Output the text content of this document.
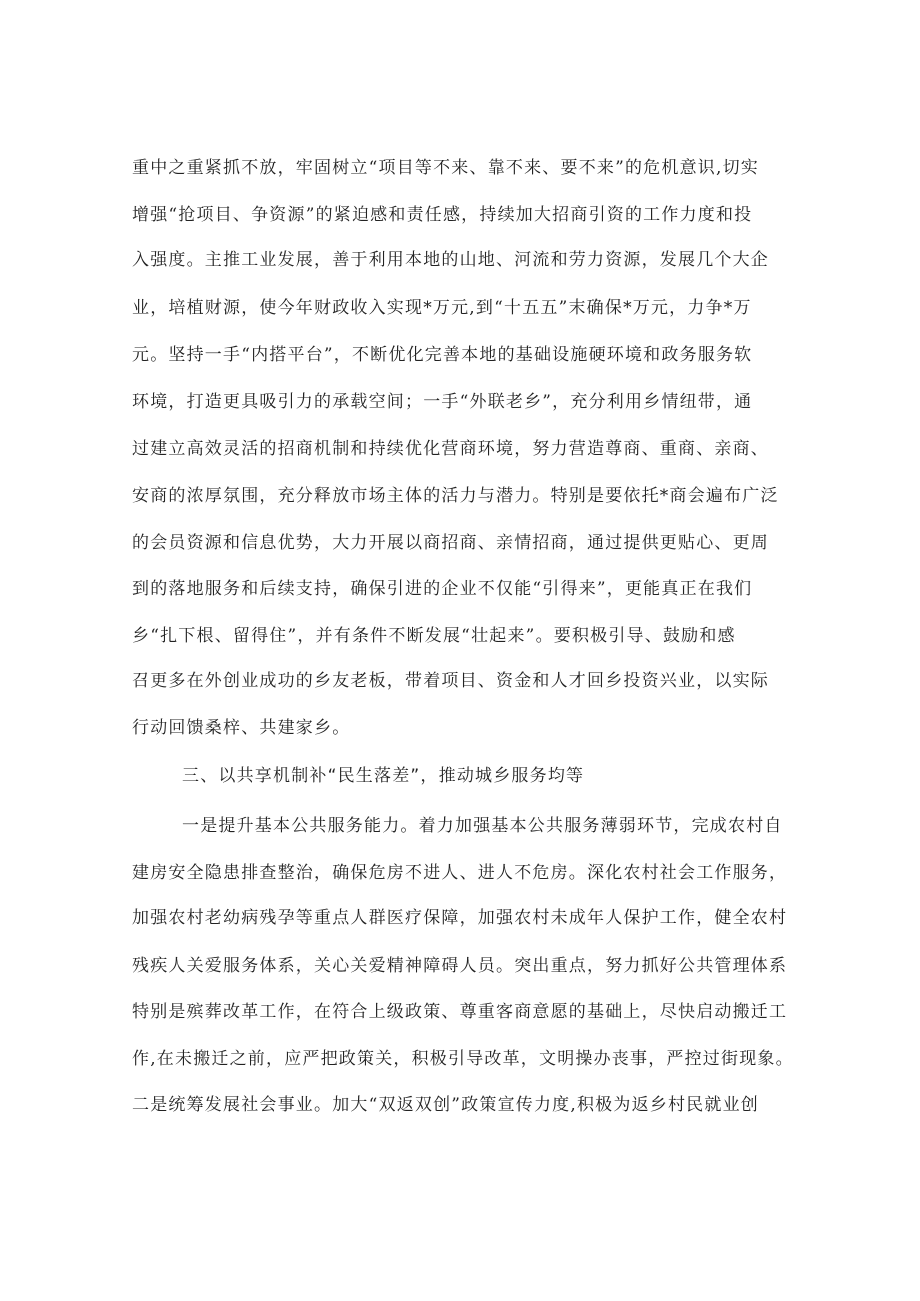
重中之重紧抓不放，牢固树立“项目等不来、靠不来、要不来”的危机意识,切实
增强“抢项目、争资源”的紧迫感和责任感，持续加大招商引资的工作力度和投
入强度。主推工业发展，善于利用本地的山地、河流和劳力资源，发展几个大企
业，培植财源，使今年财政收入实现*万元,到“十五五”末确保*万元，力争*万
元。坚持一手“内搭平台”，不断优化完善本地的基础设施硬环境和政务服务软
环境，打造更具吸引力的承载空间；一手“外联老乡”，充分利用乡情纽带，通
过建立高效灵活的招商机制和持续优化营商环境，努力营造尊商、重商、亲商、
安商的浓厚氛围，充分释放市场主体的活力与潜力。特别是要依托*商会遍布广泛
的会员资源和信息优势，大力开展以商招商、亲情招商，通过提供更贴心、更周
到的落地服务和后续支持，确保引进的企业不仅能“引得来”，更能真正在我们
乡“扎下根、留得住”，并有条件不断发展“壮起来”。要积极引导、鼓励和感
召更多在外创业成功的乡友老板，带着项目、资金和人才回乡投资兴业，以实际
行动回馈桑梓、共建家乡。
三、以共享机制补“民生落差”，推动城乡服务均等
一是提升基本公共服务能力。着力加强基本公共服务薄弱环节，完成农村自
建房安全隐患排查整治，确保危房不进人、进人不危房。深化农村社会工作服务，
加强农村老幼病残孕等重点人群医疗保障，加强农村未成年人保护工作，健全农村
残疾人关爱服务体系，关心关爱精神障碍人员。突出重点，努力抓好公共管理体系
特别是殡葬改革工作，在符合上级政策、尊重客商意愿的基础上，尽快启动搬迁工
作,在未搬迁之前，应严把政策关，积极引导改革，文明操办丧事，严控过街现象。
二是统筹发展社会事业。加大“双返双创”政策宣传力度,积极为返乡村民就业创
